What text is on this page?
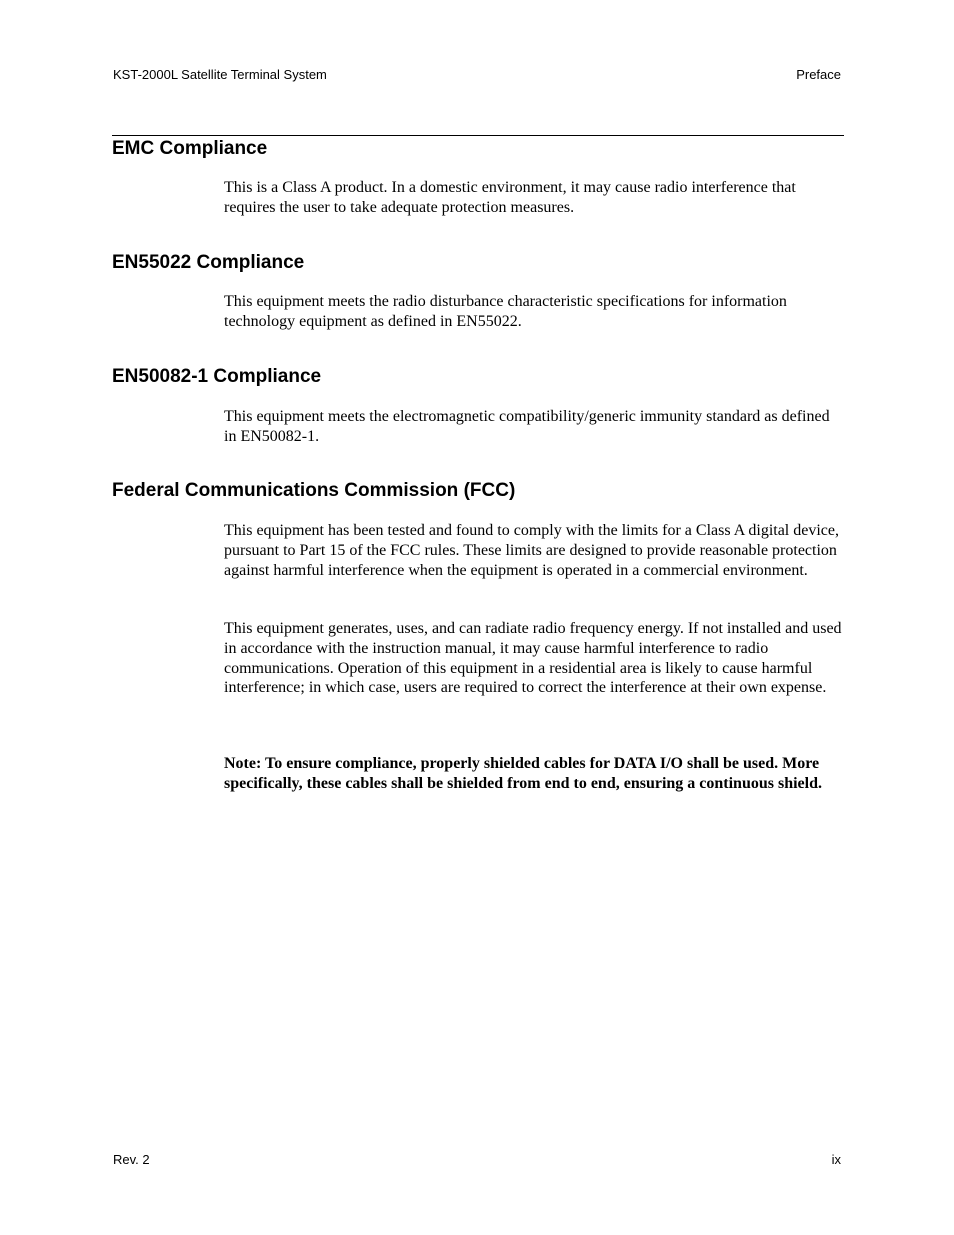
KST-2000L Satellite Terminal System	Preface
EMC Compliance

This is a Class A product. In a domestic environment, it may cause radio interference that requires the user to take adequate protection measures.

EN55022 Compliance

This equipment meets the radio disturbance characteristic specifications for information technology equipment as defined in EN55022.

EN50082-1 Compliance

This equipment meets the electromagnetic compatibility/generic immunity standard as defined in EN50082-1.

Federal Communications Commission (FCC)

This equipment has been tested and found to comply with the limits for a Class A digital device, pursuant to Part 15 of the FCC rules. These limits are designed to provide reasonable protection against harmful interference when the equipment is operated in a commercial environment.

This equipment generates, uses, and can radiate radio frequency energy. If not installed and used in accordance with the instruction manual, it may cause harmful interference to radio communications. Operation of this equipment in a residential area is likely to cause harmful interference; in which case, users are required to correct the interference at their own expense.

Note: To ensure compliance, properly shielded cables for DATA I/O shall be used. More specifically, these cables shall be shielded from end to end, ensuring a continuous shield.

Rev. 2	ix
